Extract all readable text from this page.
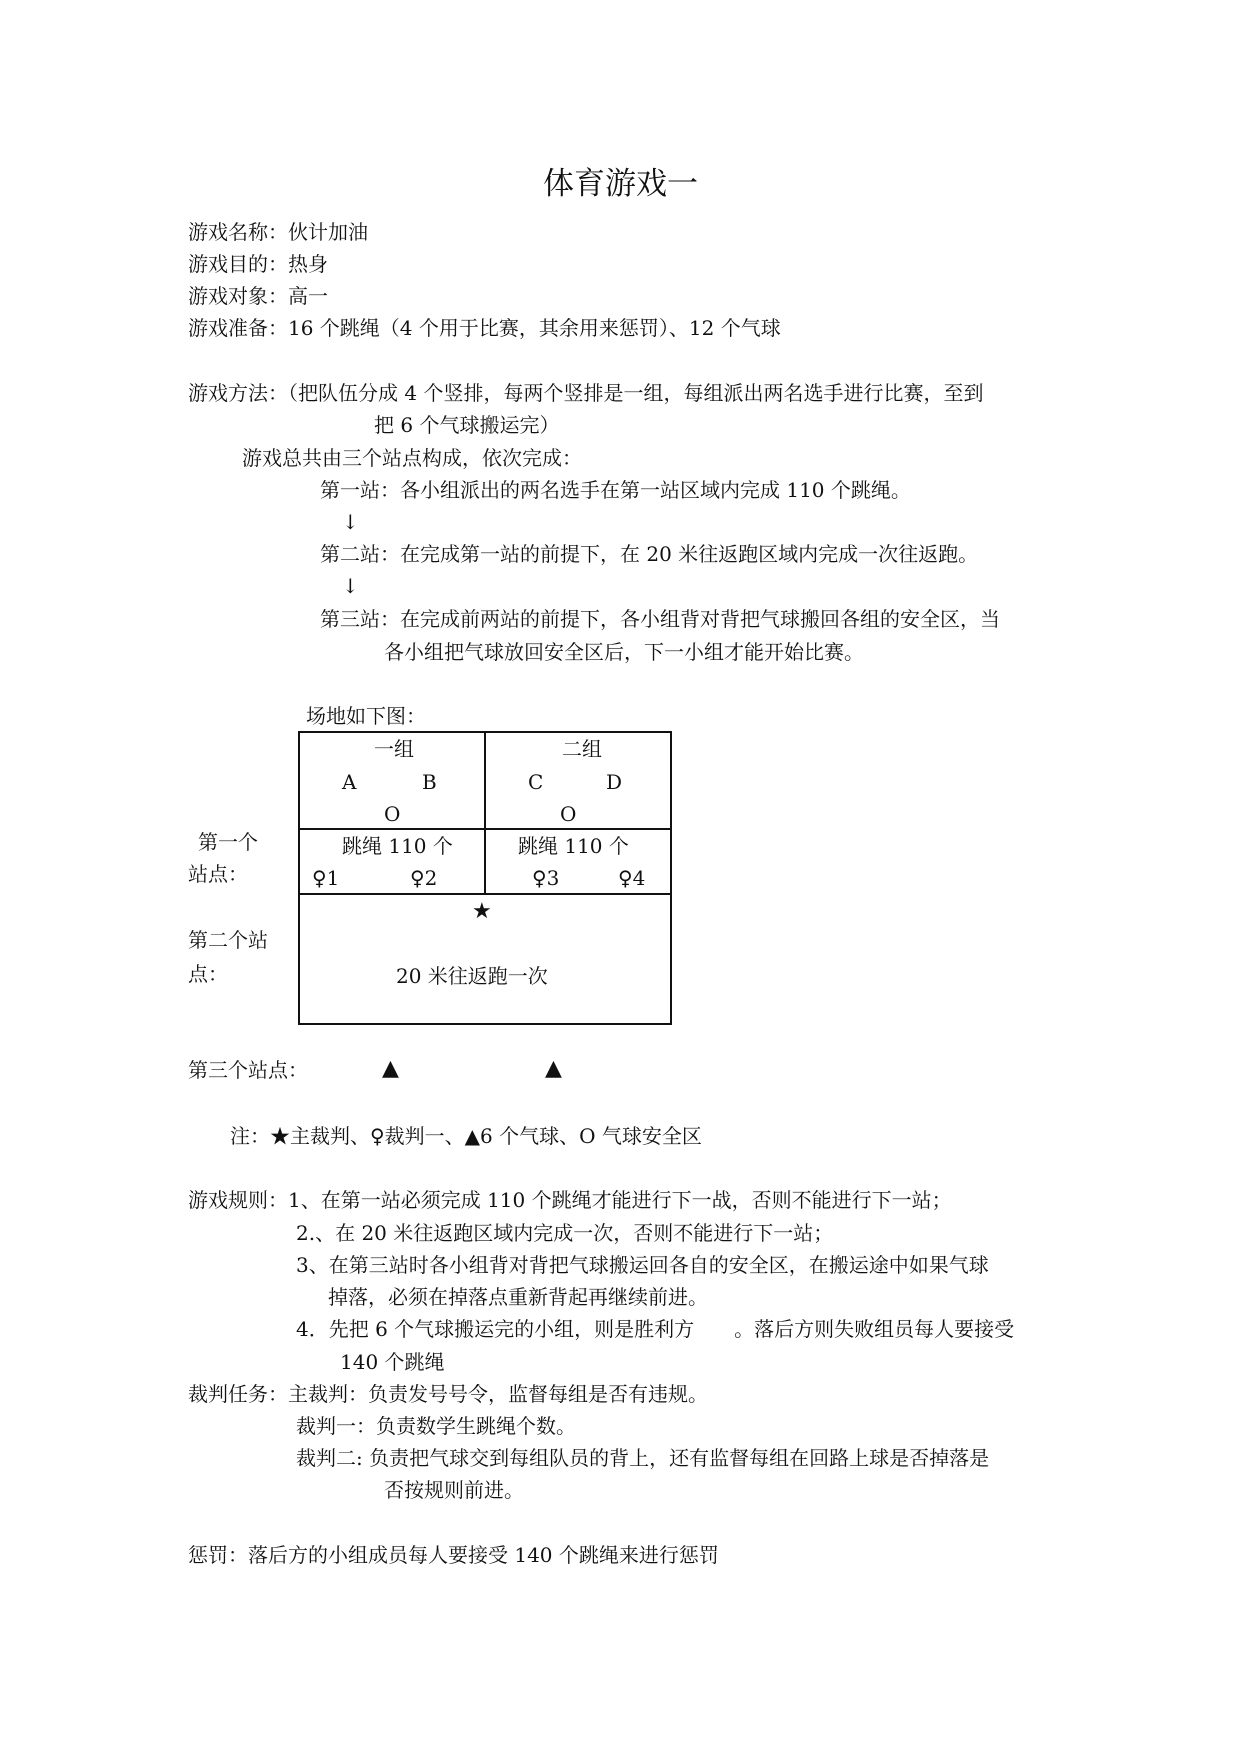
体育游戏一
游戏名称：伙计加油
游戏目的：热身
游戏对象：高一
游戏准备：16 个跳绳（4 个用于比赛，其余用来惩罚）、12 个气球
游戏方法：（把队伍分成 4 个竖排，每两个竖排是一组，每组派出两名选手进行比赛，至到
把 6 个气球搬运完）
游戏总共由三个站点构成，依次完成：
第一站：各小组派出的两名选手在第一站区域内完成 110 个跳绳。
↓
第二站：在完成第一站的前提下，在 20 米往返跑区域内完成一次往返跑。
↓
第三站：在完成前两站的前提下，各小组背对背把气球搬回各组的安全区，当
各小组把气球放回安全区后，下一小组才能开始比赛。
场地如下图：
一组	二组
A	B	C	D
O	O
跳绳 110 个	跳绳 110 个
♀1	♀2	♀3	♀4
★
20 米往返跑一次
第一个
站点：
第二个站
点：
第三个站点：	▲	▲
注：★主裁判、♀裁判一、▲6 个气球、O 气球安全区
游戏规则：1、在第一站必须完成 110 个跳绳才能进行下一战，否则不能进行下一站；
2.、在 20 米往返跑区域内完成一次，否则不能进行下一站；
3、在第三站时各小组背对背把气球搬运回各自的安全区，在搬运途中如果气球
掉落，必须在掉落点重新背起再继续前进。
4．先把 6 个气球搬运完的小组，则是胜利方　　。落后方则失败组员每人要接受
140 个跳绳
裁判任务：主裁判：负责发号号令，监督每组是否有违规。
裁判一：负责数学生跳绳个数。
裁判二: 负责把气球交到每组队员的背上，还有监督每组在回路上球是否掉落是
否按规则前进。
惩罚：落后方的小组成员每人要接受 140 个跳绳来进行惩罚
